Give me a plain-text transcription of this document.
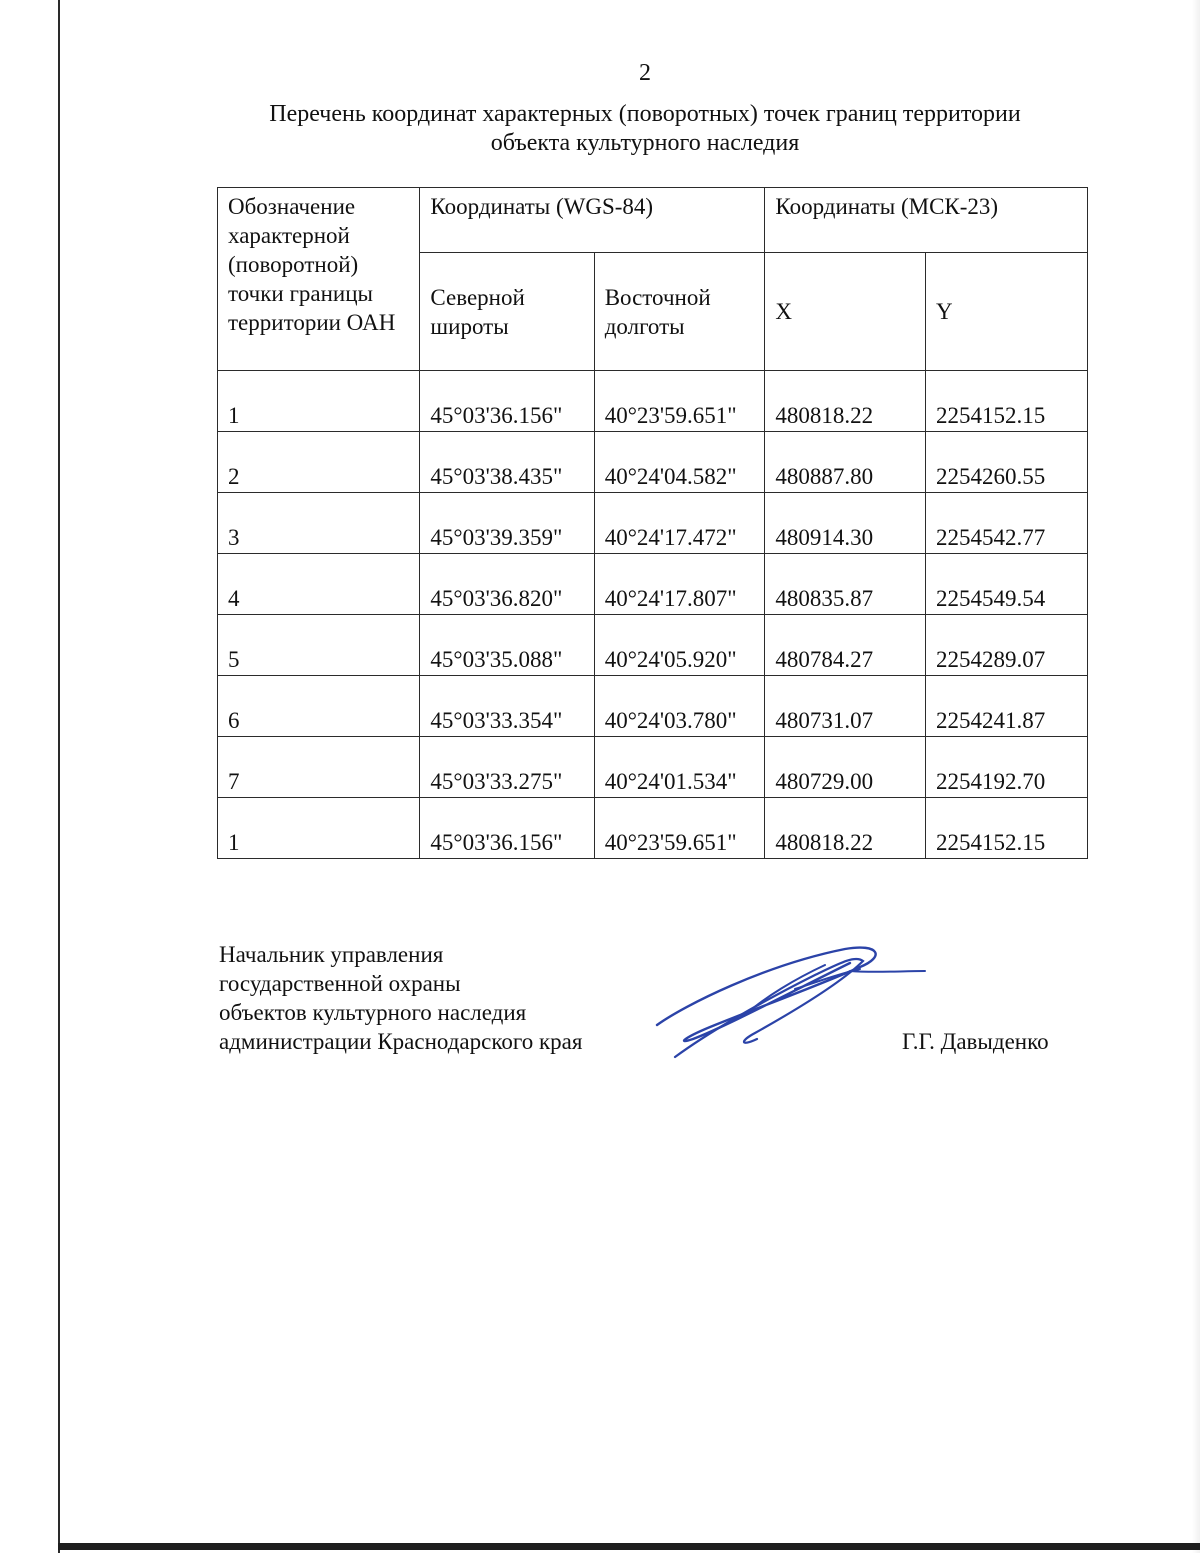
2
Перечень координат характерных (поворотных) точек границ территории
объекта культурного наследия
Обозначение характерной (поворотной) точки границы территории ОАН	Координаты (WGS-84)		Координаты (МСК-23)	
	Северной широты	Восточной долготы	X	Y
1	45°03'36.156"	40°23'59.651"	480818.22	2254152.15
2	45°03'38.435"	40°24'04.582"	480887.80	2254260.55
3	45°03'39.359"	40°24'17.472"	480914.30	2254542.77
4	45°03'36.820"	40°24'17.807"	480835.87	2254549.54
5	45°03'35.088"	40°24'05.920"	480784.27	2254289.07
6	45°03'33.354"	40°24'03.780"	480731.07	2254241.87
7	45°03'33.275"	40°24'01.534"	480729.00	2254192.70
1	45°03'36.156"	40°23'59.651"	480818.22	2254152.15
Начальник управления
государственной охраны
объектов культурного наследия
администрации Краснодарского края	Г.Г. Давыденко
